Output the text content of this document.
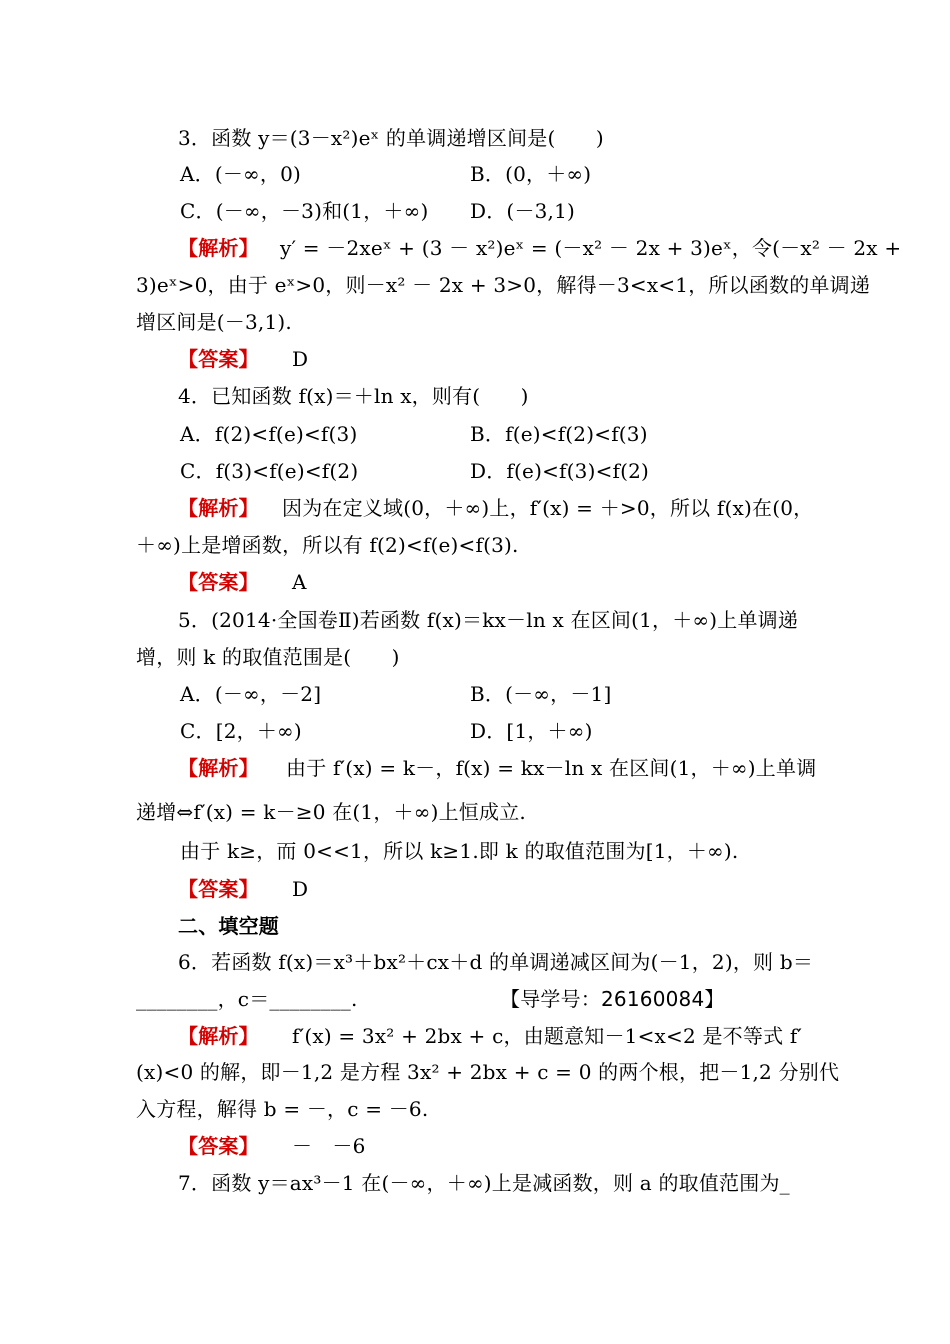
3．函数 y＝(3－x²)eˣ 的单调递增区间是(　　)
A．(－∞，0)	B．(0，＋∞)
C．(－∞，－3)和(1，＋∞) D．(－3,1)
【解析】 y′ = －2xeˣ + (3 － x²)eˣ = (－x² － 2x + 3)eˣ，令(－x² － 2x +
3)eˣ>0，由于 eˣ>0，则－x² － 2x + 3>0，解得－3<x<1，所以函数的单调递
增区间是(－3,1).
【答案】 D
4．已知函数 f(x)＝＋ln x，则有(　　)
A．f(2)<f(e)<f(3)	B．f(e)<f(2)<f(3)
C．f(3)<f(e)<f(2)	D．f(e)<f(3)<f(2)
【解析】 因为在定义域(0，＋∞)上，f′(x) = ＋>0，所以 f(x)在(0，
＋∞)上是增函数，所以有 f(2)<f(e)<f(3).
【答案】 A
5．(2014·全国卷Ⅱ)若函数 f(x)＝kx－ln x 在区间(1，＋∞)上单调递
增，则 k 的取值范围是(　　)
A．(－∞，－2]	B．(－∞，－1]
C．[2，＋∞)	D．[1，＋∞)
【解析】 由于 f′(x) = k－，f(x) = kx－ln x 在区间(1，＋∞)上单调
递增⇔f′(x) = k－≥0 在(1，＋∞)上恒成立.
由于 k≥，而 0<<1，所以 k≥1.即 k 的取值范围为[1，＋∞).
【答案】 D
二、填空题
6．若函数 f(x)＝x³＋bx²＋cx＋d 的单调递减区间为(－1，2)，则 b＝
________，c＝________.	【导学号：26160084】
【解析】 f′(x) = 3x² + 2bx + c，由题意知－1<x<2 是不等式 f′
(x)<0 的解，即－1,2 是方程 3x² + 2bx + c = 0 的两个根，把－1,2 分别代
入方程，解得 b = －，c = －6.
【答案】 －　－6
7．函数 y＝ax³－1 在(－∞，＋∞)上是减函数，则 a 的取值范围为_
